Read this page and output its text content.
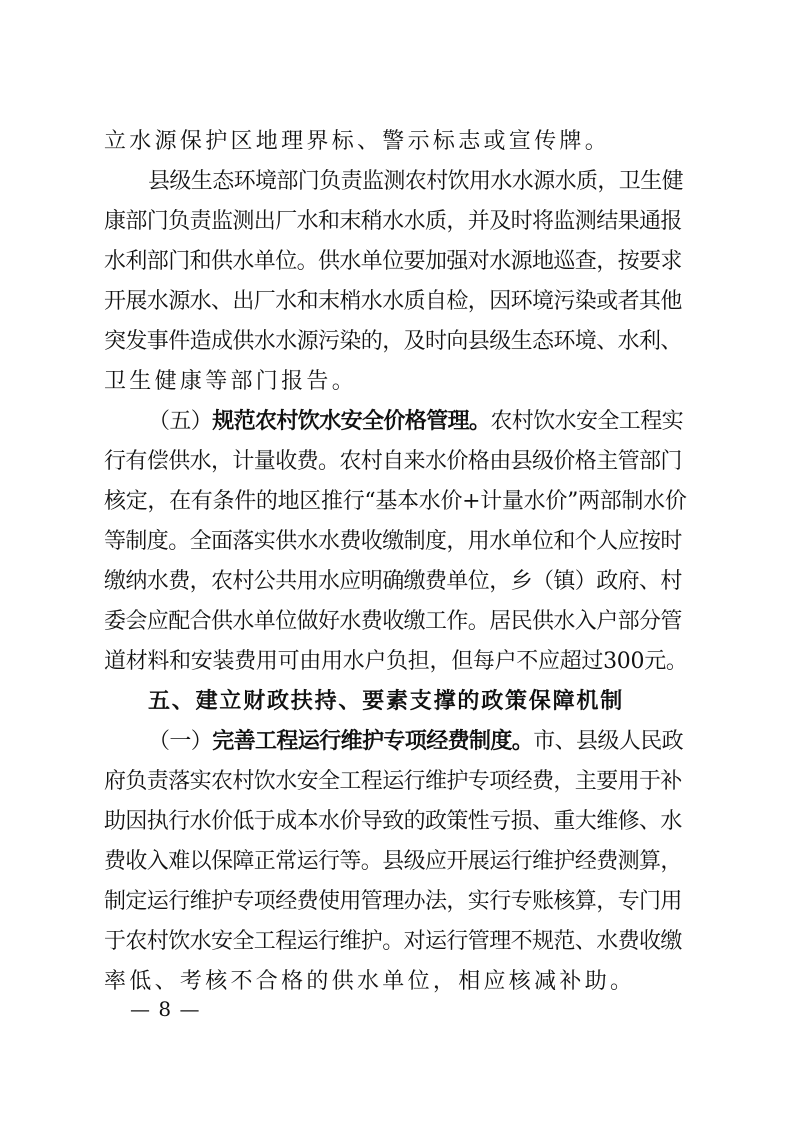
立水源保护区地理界标、警示标志或宣传牌。
县级生态环境部门负责监测农村饮用水水源水质，卫生健
康部门负责监测出厂水和末稍水水质，并及时将监测结果通报
水利部门和供水单位。供水单位要加强对水源地巡查，按要求
开展水源水、出厂水和末梢水水质自检，因环境污染或者其他
突发事件造成供水水源污染的，及时向县级生态环境、水利、
卫生健康等部门报告。
（五）规范农村饮水安全价格管理。农村饮水安全工程实
行有偿供水，计量收费。农村自来水价格由县级价格主管部门
核定，在有条件的地区推行“基本水价+计量水价”两部制水价
等制度。全面落实供水水费收缴制度，用水单位和个人应按时
缴纳水费，农村公共用水应明确缴费单位，乡（镇）政府、村
委会应配合供水单位做好水费收缴工作。居民供水入户部分管
道材料和安装费用可由用水户负担，但每户不应超过300元。
五、建立财政扶持、要素支撑的政策保障机制
（一）完善工程运行维护专项经费制度。市、县级人民政
府负责落实农村饮水安全工程运行维护专项经费，主要用于补
助因执行水价低于成本水价导致的政策性亏损、重大维修、水
费收入难以保障正常运行等。县级应开展运行维护经费测算，
制定运行维护专项经费使用管理办法，实行专账核算，专门用
于农村饮水安全工程运行维护。对运行管理不规范、水费收缴
率低、考核不合格的供水单位，相应核减补助。
— 8 —
